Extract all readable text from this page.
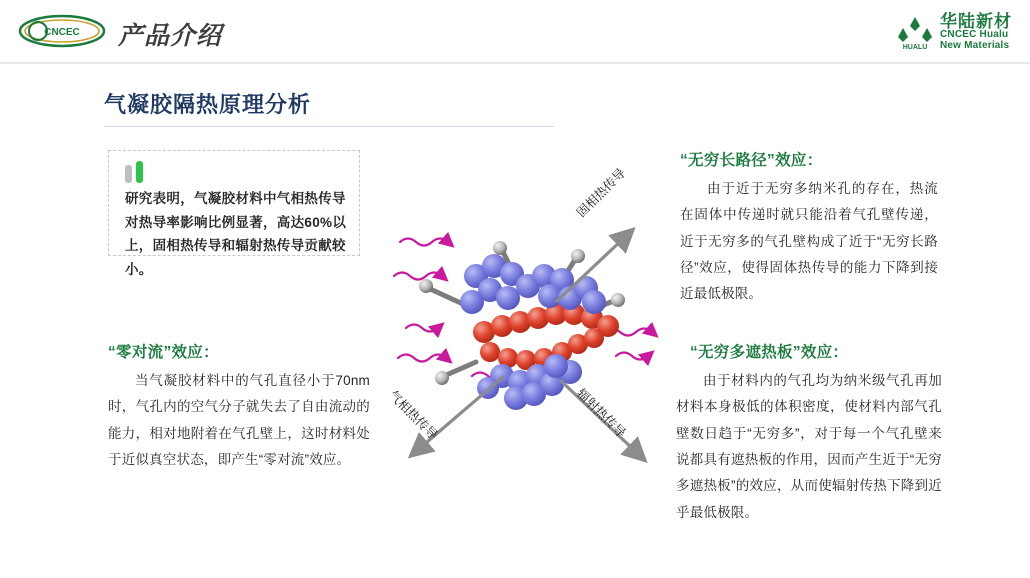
CNCEC 产品介绍	HUALU
华陆新材
CNCEC Hualu
New Materials
气凝胶隔热原理分析
研究表明，气凝胶材料中气相热传导对热导率影响比例显著，高达60%以上，固相热传导和辐射热传导贡献较小。
“零对流”效应：
当气凝胶材料中的气孔直径小于70nm时，气孔内的空气分子就失去了自由流动的能力，相对地附着在气孔壁上，这时材料处于近似真空状态，即产生“零对流”效应。
“无穷长路径”效应：
由于近于无穷多纳米孔的存在，热流在固体中传递时就只能沿着气孔壁传递，近于无穷多的气孔壁构成了近于“无穷长路径”效应，使得固体热传导的能力下降到接近最低极限。
“无穷多遮热板”效应：
由于材料内的气孔均为纳米级气孔再加材料本身极低的体积密度，使材料内部气孔壁数日趋于“无穷多”，对于每一个气孔壁来说都具有遮热板的作用，因而产生近于“无穷多遮热板”的效应，从而使辐射传热下降到近乎最低极限。
固相热传导
气相热传导	辐射热传导
